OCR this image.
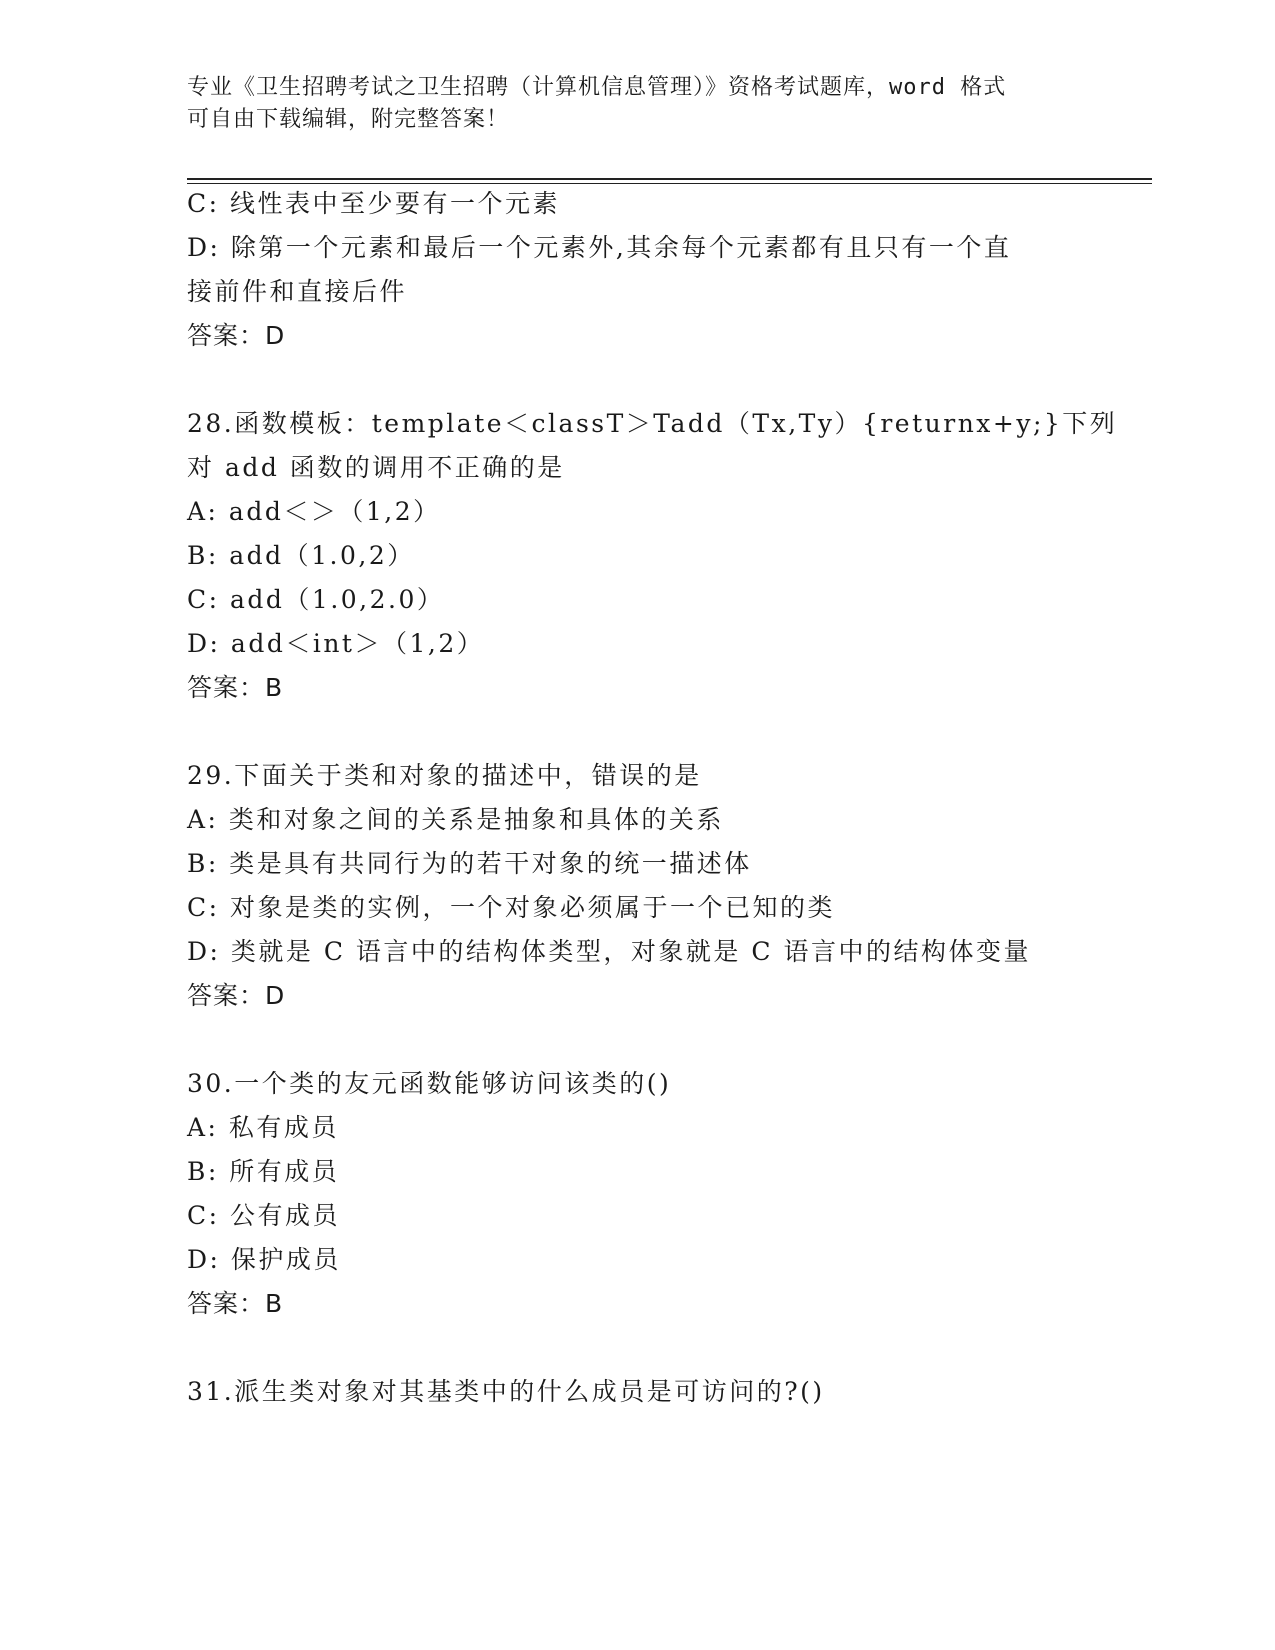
专业《卫生招聘考试之卫生招聘（计算机信息管理）》资格考试题库，word 格式
可自由下载编辑，附完整答案！
C: 线性表中至少要有一个元素
D: 除第一个元素和最后一个元素外,其余每个元素都有且只有一个直
接前件和直接后件
答案：D
28.函数模板：template＜classT＞Tadd（Tx,Ty）{returnx+y;}下列
对 add 函数的调用不正确的是
A: add＜＞（1,2）
B: add（1.0,2）
C: add（1.0,2.0）
D: add＜int＞（1,2）
答案：B
29.下面关于类和对象的描述中，错误的是
A: 类和对象之间的关系是抽象和具体的关系
B: 类是具有共同行为的若干对象的统一描述体
C: 对象是类的实例，一个对象必须属于一个已知的类
D: 类就是 C 语言中的结构体类型，对象就是 C 语言中的结构体变量
答案：D
30.一个类的友元函数能够访问该类的()
A: 私有成员
B: 所有成员
C: 公有成员
D: 保护成员
答案：B
31.派生类对象对其基类中的什么成员是可访问的?()
